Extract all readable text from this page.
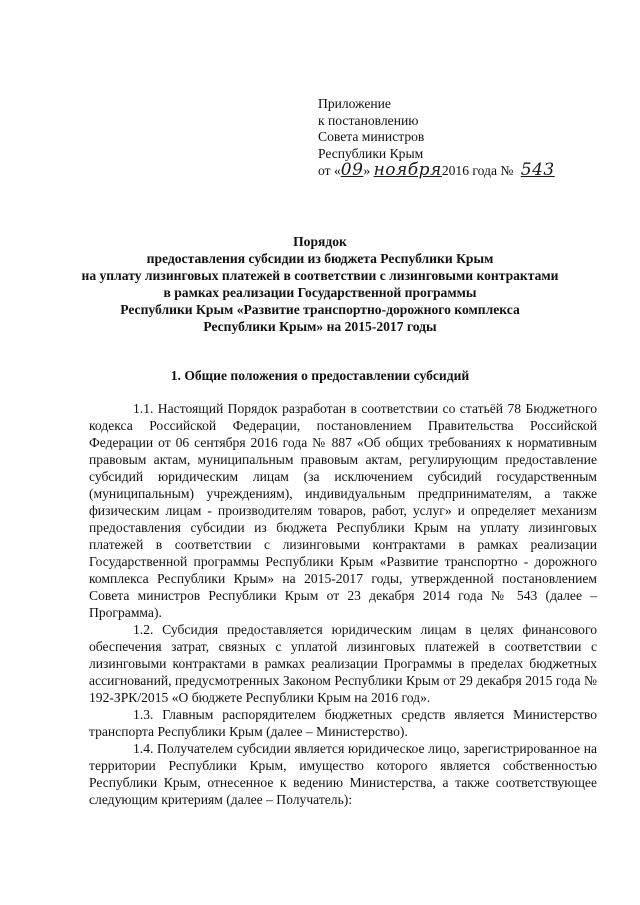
Приложение
к постановлению
Совета министров
Республики Крым
от «09» ноября2016 года № 543
Порядок
предоставления субсидии из бюджета Республики Крым
на уплату лизинговых платежей в соответствии с лизинговыми контрактами
в рамках реализации Государственной программы
Республики Крым «Развитие транспортно-дорожного комплекса
Республики Крым» на 2015-2017 годы
1. Общие положения о предоставлении субсидий

1.1. Настоящий Порядок разработан в соответствии со статьёй 78 Бюджетного кодекса Российской Федерации, постановлением Правительства Российской Федерации от 06 сентября 2016 года № 887 «Об общих требованиях к нормативным правовым актам, муниципальным правовым актам, регулирующим предоставление субсидий юридическим лицам (за исключением субсидий государственным (муниципальным) учреждениям), индивидуальным предпринимателям, а также физическим лицам - производителям товаров, работ, услуг» и определяет механизм предоставления субсидии из бюджета Республики Крым на уплату лизинговых платежей в соответствии с лизинговыми контрактами в рамках реализации Государственной программы Республики Крым «Развитие транспортно - дорожного комплекса Республики Крым» на 2015-2017 годы, утвержденной постановлением Совета министров Республики Крым от 23 декабря 2014 года № 543 (далее – Программа).

1.2. Субсидия предоставляется юридическим лицам в целях финансового обеспечения затрат, связных с уплатой лизинговых платежей в соответствии с лизинговыми контрактами в рамках реализации Программы в пределах бюджетных ассигнований, предусмотренных Законом Республики Крым от 29 декабря 2015 года № 192-ЗРК/2015 «О бюджете Республики Крым на 2016 год».

1.3. Главным распорядителем бюджетных средств является Министерство транспорта Республики Крым (далее – Министерство).

1.4. Получателем субсидии является юридическое лицо, зарегистрированное на территории Республики Крым, имущество которого является собственностью Республики Крым, отнесенное к ведению Министерства, а также соответствующее следующим критериям (далее – Получатель):
